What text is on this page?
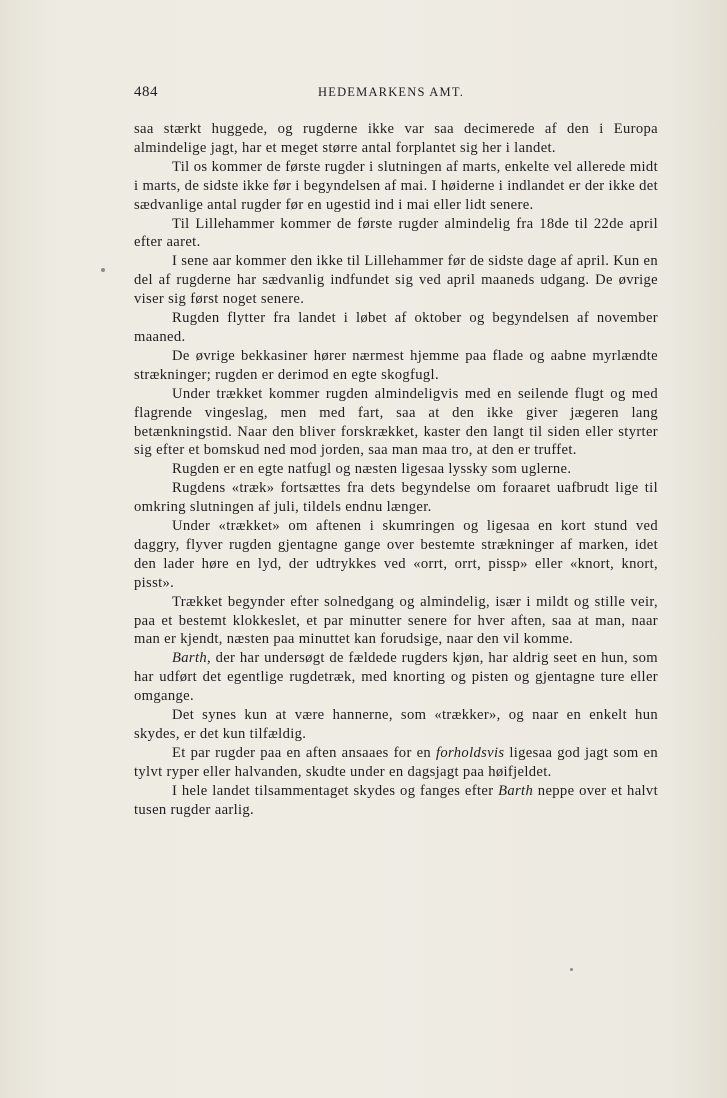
484	HEDEMARKENS AMT.

saa stærkt huggede, og rugderne ikke var saa decimerede af den i Europa almindelige jagt, har et meget større antal forplantet sig her i landet.

Til os kommer de første rugder i slutningen af marts, enkelte vel allerede midt i marts, de sidste ikke før i begyndelsen af mai. I høiderne i indlandet er der ikke det sædvanlige antal rugder før en ugestid ind i mai eller lidt senere.

Til Lillehammer kommer de første rugder almindelig fra 18de til 22de april efter aaret.

I sene aar kommer den ikke til Lillehammer før de sidste dage af april. Kun en del af rugderne har sædvanlig indfundet sig ved april maaneds udgang. De øvrige viser sig først noget senere.

Rugden flytter fra landet i løbet af oktober og begyndelsen af november maaned.

De øvrige bekkasiner hører nærmest hjemme paa flade og aabne myrlændte strækninger; rugden er derimod en egte skogfugl.

Under trækket kommer rugden almindeligvis med en seilende flugt og med flagrende vingeslag, men med fart, saa at den ikke giver jægeren lang betænkningstid. Naar den bliver forskrækket, kaster den langt til siden eller styrter sig efter et bomskud ned mod jorden, saa man maa tro, at den er truffet.

Rugden er en egte natfugl og næsten ligesaa lyssky som uglerne.

Rugdens «træk» fortsættes fra dets begyndelse om foraaret uafbrudt lige til omkring slutningen af juli, tildels endnu længer.

Under «trækket» om aftenen i skumringen og ligesaa en kort stund ved daggry, flyver rugden gjentagne gange over bestemte strækninger af marken, idet den lader høre en lyd, der udtrykkes ved «orrt, orrt, pissp» eller «knort, knort, pisst».

Trækket begynder efter solnedgang og almindelig, især i mildt og stille veir, paa et bestemt klokkeslet, et par minutter senere for hver aften, saa at man, naar man er kjendt, næsten paa minuttet kan forudsige, naar den vil komme.

Barth, der har undersøgt de fældede rugders kjøn, har aldrig seet en hun, som har udført det egentlige rugdetræk, med knorting og pisten og gjentagne ture eller omgange.

Det synes kun at være hannerne, som «trækker», og naar en enkelt hun skydes, er det kun tilfældig.

Et par rugder paa en aften ansaaes for en forholdsvis ligesaa god jagt som en tylvt ryper eller halvanden, skudte under en dagsjagt paa høifjeldet.

I hele landet tilsammentaget skydes og fanges efter Barth neppe over et halvt tusen rugder aarlig.
